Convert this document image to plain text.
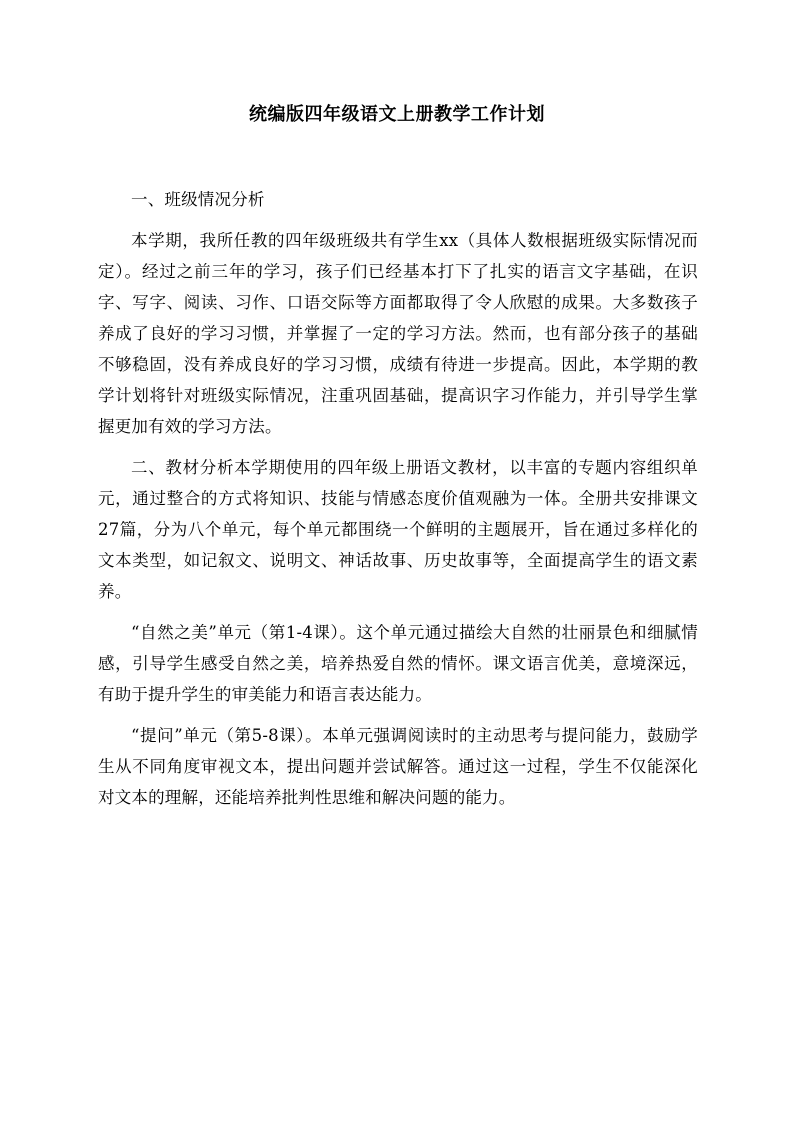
统编版四年级语文上册教学工作计划

一、班级情况分析

本学期，我所任教的四年级班级共有学生xx（具体人数根据班级实际情况而定）。经过之前三年的学习，孩子们已经基本打下了扎实的语言文字基础，在识字、写字、阅读、习作、口语交际等方面都取得了令人欣慰的成果。大多数孩子养成了良好的学习习惯，并掌握了一定的学习方法。然而，也有部分孩子的基础不够稳固，没有养成良好的学习习惯，成绩有待进一步提高。因此，本学期的教学计划将针对班级实际情况，注重巩固基础，提高识字习作能力，并引导学生掌握更加有效的学习方法。

二、教材分析本学期使用的四年级上册语文教材，以丰富的专题内容组织单元，通过整合的方式将知识、技能与情感态度价值观融为一体。全册共安排课文27篇，分为八个单元，每个单元都围绕一个鲜明的主题展开，旨在通过多样化的文本类型，如记叙文、说明文、神话故事、历史故事等，全面提高学生的语文素养。

“自然之美”单元（第1-4课）。这个单元通过描绘大自然的壮丽景色和细腻情感，引导学生感受自然之美，培养热爱自然的情怀。课文语言优美，意境深远，有助于提升学生的审美能力和语言表达能力。

“提问”单元（第5-8课）。本单元强调阅读时的主动思考与提问能力，鼓励学生从不同角度审视文本，提出问题并尝试解答。通过这一过程，学生不仅能深化对文本的理解，还能培养批判性思维和解决问题的能力。
